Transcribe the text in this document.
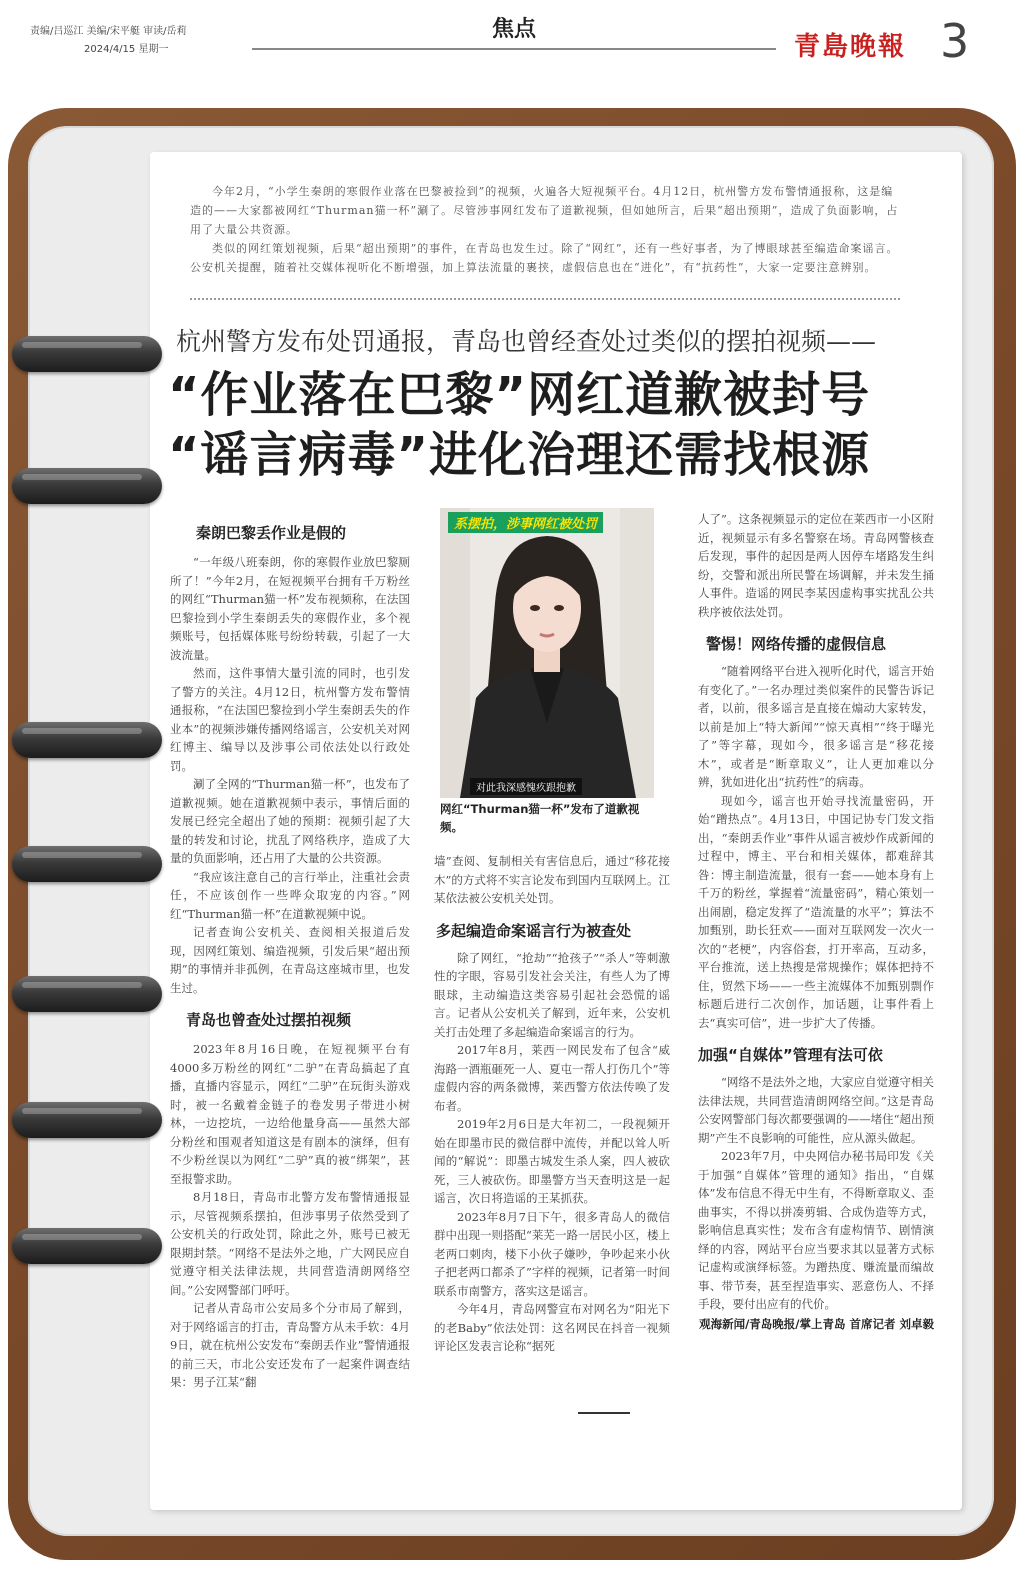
责编/吕巡江 美编/宋平艇 审读/岳莉
2024/4/15 星期一
焦点
青島晚報 3

今年2月，“小学生秦朗的寒假作业落在巴黎被捡到”的视频，火遍各大短视频平台。4月12日，杭州警方发布警情通报称，这是编造的——大家都被网红“Thurman猫一杯”涮了。尽管涉事网红发布了道歉视频，但如她所言，后果“超出预期”，造成了负面影响，占用了大量公共资源。

类似的网红策划视频，后果“超出预期”的事件，在青岛也发生过。除了“网红”，还有一些好事者，为了博眼球甚至编造命案谣言。公安机关提醒，随着社交媒体视听化不断增强，加上算法流量的裹挟，虚假信息也在“进化”，有“抗药性”，大家一定要注意辨别。

杭州警方发布处罚通报，青岛也曾经查处过类似的摆拍视频——
“作业落在巴黎”网红道歉被封号
“谣言病毒”进化治理还需找根源
秦朗巴黎丢作业是假的

“一年级八班秦朗，你的寒假作业放巴黎厕所了！”今年2月，在短视频平台拥有千万粉丝的网红“Thurman猫一杯”发布视频称，在法国巴黎捡到小学生秦朗丢失的寒假作业，多个视频账号，包括媒体账号纷纷转载，引起了一大波流量。

然而，这件事情大量引流的同时，也引发了警方的关注。4月12日，杭州警方发布警情通报称，“在法国巴黎捡到小学生秦朗丢失的作业本”的视频涉嫌传播网络谣言，公安机关对网红博主、编导以及涉事公司依法处以行政处罚。

涮了全网的“Thurman猫一杯”，也发布了道歉视频。她在道歉视频中表示，事情后面的发展已经完全超出了她的预期：视频引起了大量的转发和讨论，扰乱了网络秩序，造成了大量的负面影响，还占用了大量的公共资源。

“我应该注意自己的言行举止，注重社会责任，不应该创作一些哗众取宠的内容。”网红“Thurman猫一杯”在道歉视频中说。

记者查询公安机关、查阅相关报道后发现，因网红策划、编造视频，引发后果“超出预期”的事情并非孤例，在青岛这座城市里，也发生过。

青岛也曾查处过摆拍视频

2023年8月16日晚，在短视频平台有4000多万粉丝的网红“二驴”在青岛搞起了直播，直播内容显示，网红“二驴”在玩街头游戏时，被一名戴着金链子的卷发男子带进小树林，一边挖坑，一边给他量身高——虽然大部分粉丝和围观者知道这是有剧本的演绎，但有不少粉丝误以为网红“二驴”真的被“绑架”，甚至报警求助。

8月18日，青岛市北警方发布警情通报显示，尽管视频系摆拍，但涉事男子依然受到了公安机关的行政处罚，除此之外，账号已被无限期封禁。“网络不是法外之地，广大网民应自觉遵守相关法律法规，共同营造清朗网络空间。”公安网警部门呼吁。

记者从青岛市公安局多个分市局了解到，对于网络谣言的打击，青岛警方从未手软：4月9日，就在杭州公安发布“秦朗丢作业”警情通报的前三天，市北公安还发布了一起案件调查结果：男子江某“翻

系摆拍，涉事网红被处罚
对此我深感愧疚跟抱歉
网红“Thurman猫一杯”发布了道歉视频。

墙”查阅、复制相关有害信息后，通过“移花接木”的方式将不实言论发布到国内互联网上。江某依法被公安机关处罚。

多起编造命案谣言行为被查处

除了网红，“抢劫”“抢孩子”“杀人”等刺激性的字眼，容易引发社会关注，有些人为了博眼球，主动编造这类容易引起社会恐慌的谣言。记者从公安机关了解到，近年来，公安机关打击处理了多起编造命案谣言的行为。

2017年8月，莱西一网民发布了包含“威海路一酒瓶砸死一人、夏屯一帮人打伤几个”等虚假内容的两条微博，莱西警方依法传唤了发布者。

2019年2月6日是大年初二，一段视频开始在即墨市民的微信群中流传，并配以耸人听闻的“解说”：即墨古城发生杀人案，四人被砍死，三人被砍伤。即墨警方当天查明这是一起谣言，次日将造谣的王某抓获。

2023年8月7日下午，很多青岛人的微信群中出现一则搭配“莱芜一路一居民小区，楼上老两口刺肉，楼下小伙子嫌吵，争吵起来小伙子把老两口都杀了”字样的视频，记者第一时间联系市南警方，落实这是谣言。

今年4月，青岛网警宣布对网名为“阳光下的老Baby”依法处罚：这名网民在抖音一视频评论区发表言论称“据死

人了”。这条视频显示的定位在莱西市一小区附近，视频显示有多名警察在场。青岛网警核查后发现，事件的起因是两人因停车堵路发生纠纷，交警和派出所民警在场调解，并未发生捅人事件。造谣的网民李某因虚构事实扰乱公共秩序被依法处罚。

警惕！网络传播的虚假信息

“随着网络平台进入视听化时代，谣言开始有变化了。”一名办理过类似案件的民警告诉记者，以前，很多谣言是直接在煽动大家转发，以前是加上“特大新闻”“惊天真相”“终于曝光了”等字幕，现如今，很多谣言是“移花接木”，或者是“断章取义”，让人更加难以分辨，犹如进化出“抗药性”的病毒。

现如今，谣言也开始寻找流量密码，开始“蹭热点”。4月13日，中国记协专门发文指出，“秦朗丢作业”事件从谣言被炒作成新闻的过程中，博主、平台和相关媒体，都难辞其咎：博主制造流量，很有一套——她本身有上千万的粉丝，掌握着“流量密码”，精心策划一出闹剧，稳定发挥了“造流量的水平”；算法不加甄别，助长狂欢——面对互联网发一次火一次的“老梗”，内容俗套，打开率高，互动多，平台推流，送上热搜是常规操作；媒体把持不住，贸然下场——一些主流媒体不加甄别剽作标题后进行二次创作，加话题，让事件看上去“真实可信”，进一步扩大了传播。

加强“自媒体”管理有法可依

“网络不是法外之地，大家应自觉遵守相关法律法规，共同营造清朗网络空间。”这是青岛公安网警部门每次都要强调的——堵住“超出预期”产生不良影响的可能性，应从源头做起。

2023年7月，中央网信办秘书局印发《关于加强“自媒体”管理的通知》指出，“自媒体”发布信息不得无中生有，不得断章取义、歪曲事实，不得以拼凑剪辑、合成伪造等方式，影响信息真实性；发布含有虚构情节、剧情演绎的内容，网站平台应当要求其以显著方式标记虚构或演绎标签。为蹭热度、赚流量而编故事、带节奏，甚至捏造事实、恶意伤人、不择手段，要付出应有的代价。

观海新闻/青岛晚报/掌上青岛 首席记者 刘卓毅
